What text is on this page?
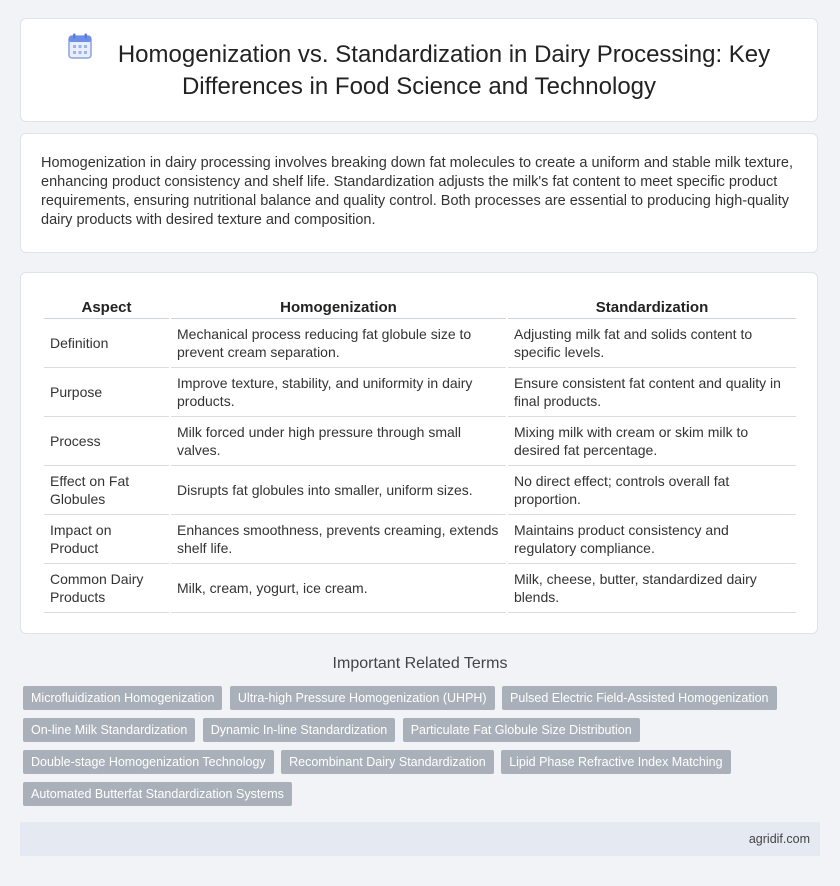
Homogenization vs. Standardization in Dairy Processing: Key
Differences in Food Science and Technology

Homogenization in dairy processing involves breaking down fat molecules to create a uniform and stable milk texture, enhancing product consistency and shelf life. Standardization adjusts the milk's fat content to meet specific product requirements, ensuring nutritional balance and quality control. Both processes are essential to producing high-quality dairy products with desired texture and composition.

Aspect	Homogenization	Standardization
Definition	Mechanical process reducing fat globule size to prevent cream separation.	Adjusting milk fat and solids content to specific levels.
Purpose	Improve texture, stability, and uniformity in dairy products.	Ensure consistent fat content and quality in final products.
Process	Milk forced under high pressure through small valves.	Mixing milk with cream or skim milk to desired fat percentage.
Effect on Fat Globules	Disrupts fat globules into smaller, uniform sizes.	No direct effect; controls overall fat proportion.
Impact on Product	Enhances smoothness, prevents creaming, extends shelf life.	Maintains product consistency and regulatory compliance.
Common Dairy Products	Milk, cream, yogurt, ice cream.	Milk, cheese, butter, standardized dairy blends.
Important Related Terms
Microfluidization Homogenization Ultra-high Pressure Homogenization (UHPH) Pulsed Electric Field-Assisted Homogenization On-line Milk Standardization Dynamic In-line Standardization Particulate Fat Globule Size Distribution Double-stage Homogenization Technology Recombinant Dairy Standardization Lipid Phase Refractive Index Matching Automated Butterfat Standardization Systems
agridif.com
